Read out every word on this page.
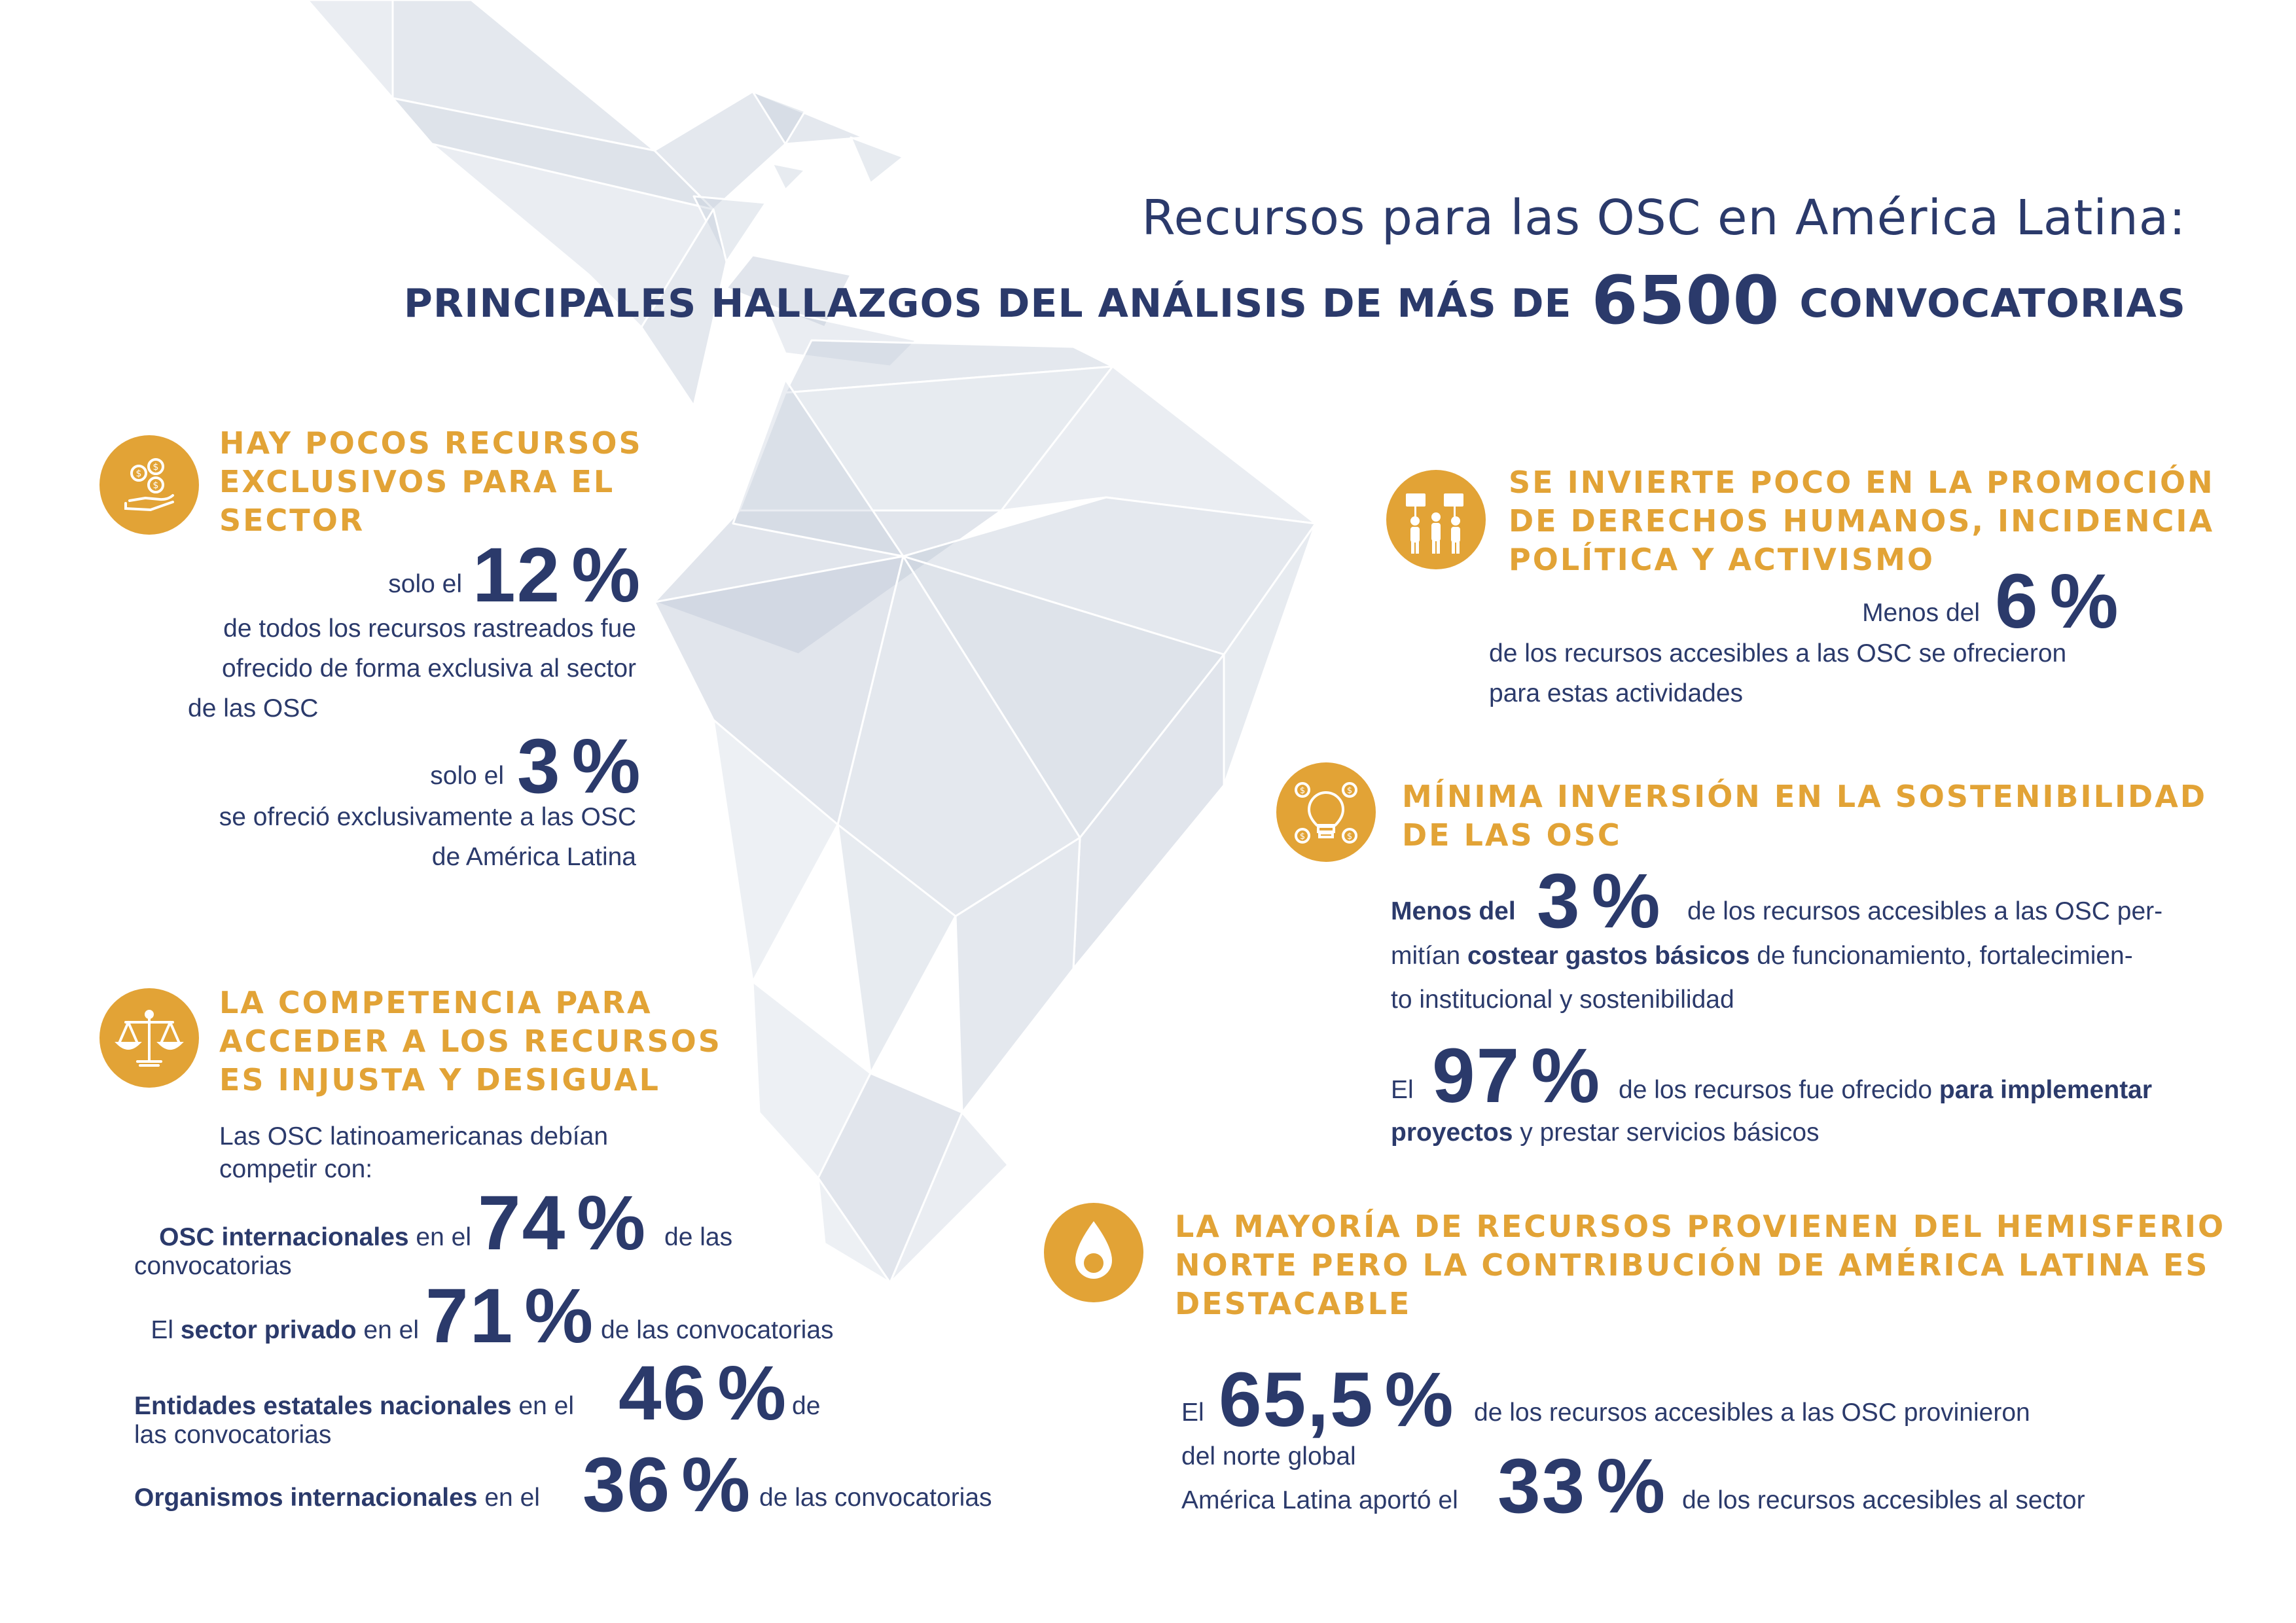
Recursos para las OSC en América Latina:
PRINCIPALES HALLAZGOS DEL ANÁLISIS DE MÁS DE 6500 CONVOCATORIAS
$
$
$
HAY POCOS RECURSOS
EXCLUSIVOS PARA EL
SECTOR
solo el 12 %
de todos los recursos rastreados fue
ofrecido de forma exclusiva al sector
de las OSC
solo el 3 %
se ofreció exclusivamente a las OSC
de América Latina
SE INVIERTE POCO EN LA PROMOCIÓN
DE DERECHOS HUMANOS, INCIDENCIA
POLÍTICA Y ACTIVISMO
Menos del 6 %
de los recursos accesibles a las OSC se ofrecieron
para estas actividades
$	$
$	$
MÍNIMA INVERSIÓN EN LA SOSTENIBILIDAD
DE LAS OSC
Menos del 3 % de los recursos accesibles a las OSC per-
mitían costear gastos básicos de funcionamiento, fortalecimien-
to institucional y sostenibilidad
El 97 % de los recursos fue ofrecido para implementar
proyectos y prestar servicios básicos
LA COMPETENCIA PARA
ACCEDER A LOS RECURSOS
ES INJUSTA Y DESIGUAL
Las OSC latinoamericanas debían
competir con:
OSC internacionales en el 74 % de las
convocatorias
El sector privado en el 71 % de las convocatorias
Entidades estatales nacionales en el 46 % de
las convocatorias
Organismos internacionales en el 36 % de las convocatorias
LA MAYORÍA DE RECURSOS PROVIENEN DEL HEMISFERIO
NORTE PERO LA CONTRIBUCIÓN DE AMÉRICA LATINA ES
DESTACABLE
El 65,5 % de los recursos accesibles a las OSC provinieron
del norte global
América Latina aportó el 33 % de los recursos accesibles al sector
